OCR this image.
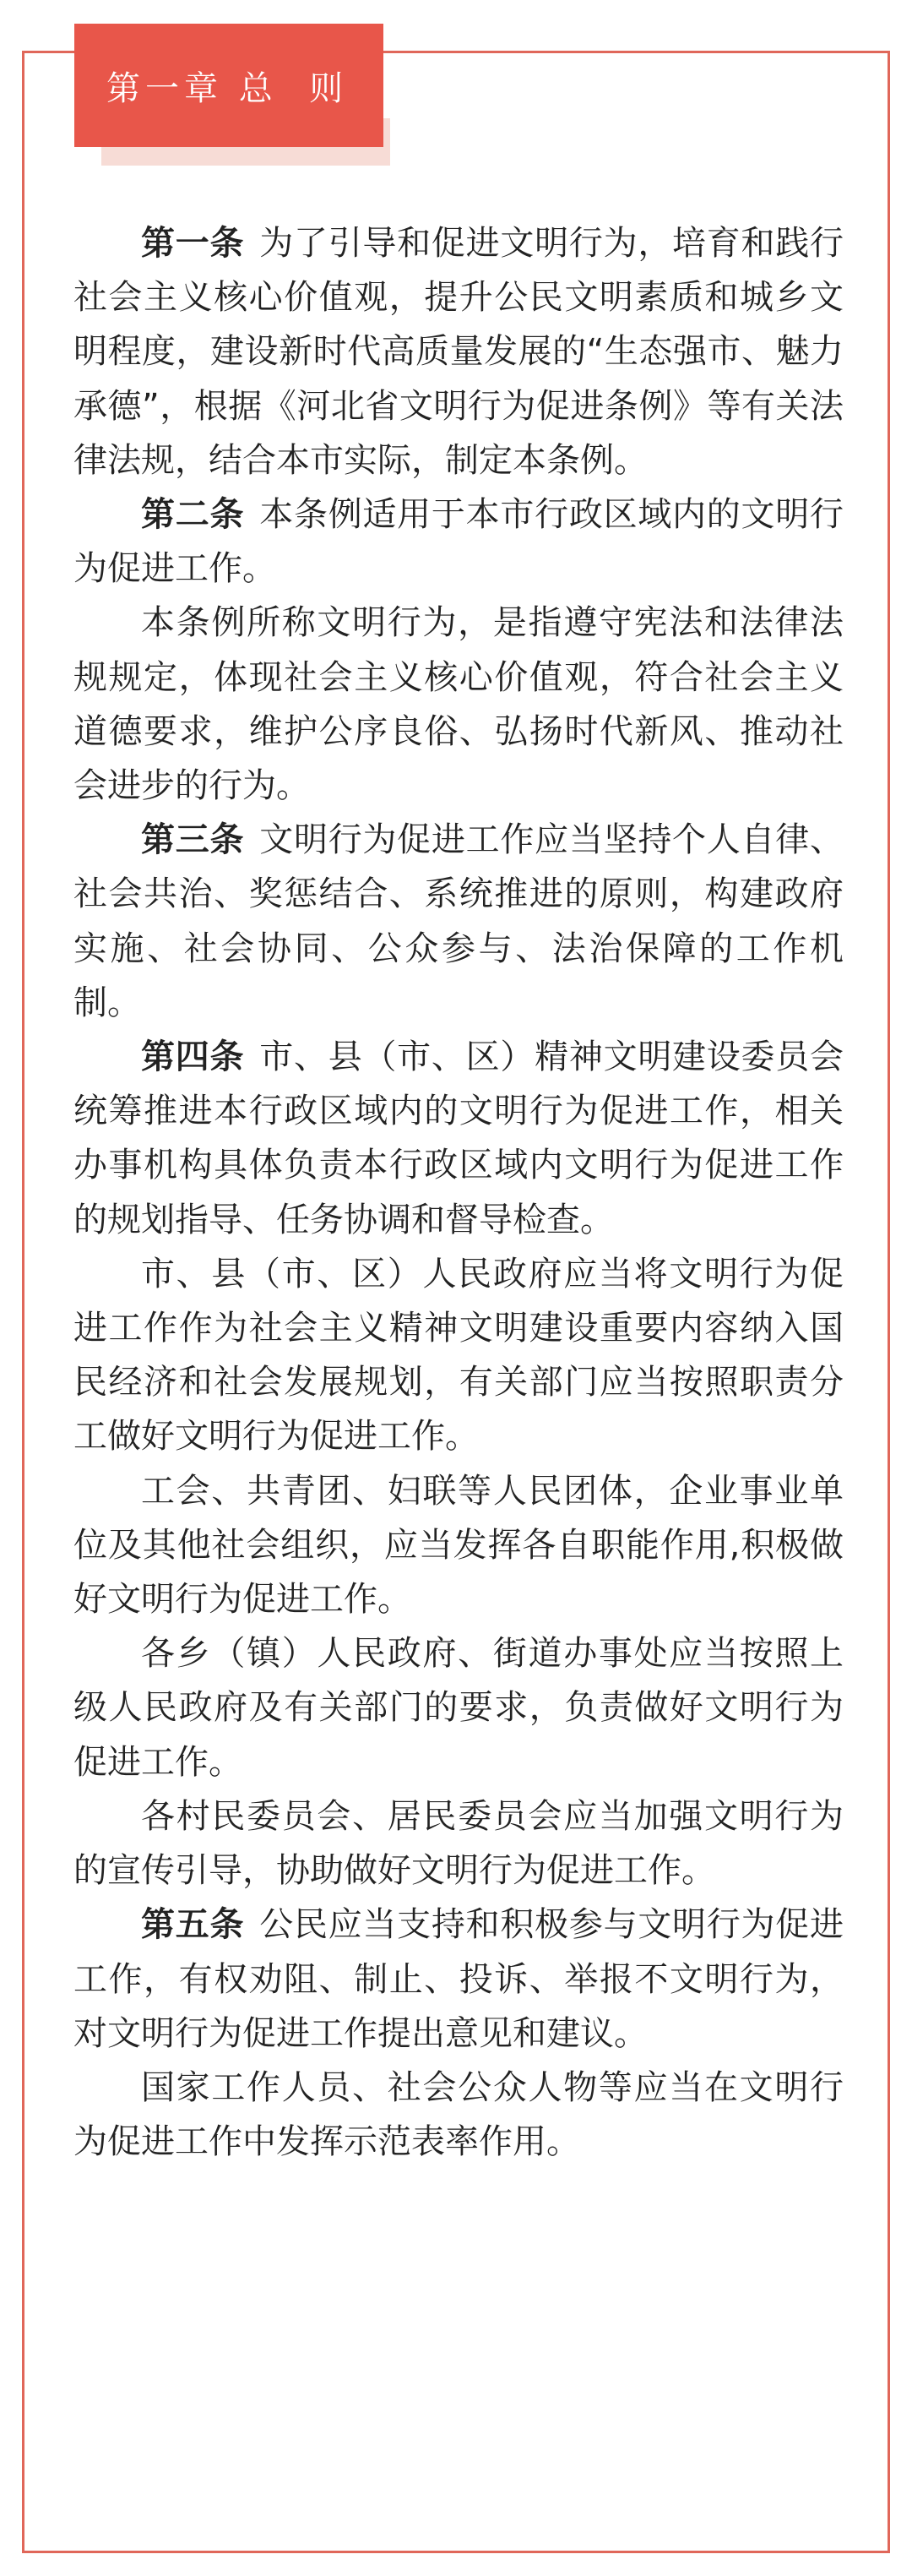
第一章 总  则

第一条 为了引导和促进文明行为，培育和践行社会主义核心价值观，提升公民文明素质和城乡文明程度，建设新时代高质量发展的“生态强市、魅力承德”，根据《河北省文明行为促进条例》等有关法律法规，结合本市实际，制定本条例。

第二条 本条例适用于本市行政区域内的文明行为促进工作。

本条例所称文明行为，是指遵守宪法和法律法规规定，体现社会主义核心价值观，符合社会主义道德要求，维护公序良俗、弘扬时代新风、推动社会进步的行为。

第三条 文明行为促进工作应当坚持个人自律、社会共治、奖惩结合、系统推进的原则，构建政府实施、社会协同、公众参与、法治保障的工作机制。

第四条 市、县（市、区）精神文明建设委员会统筹推进本行政区域内的文明行为促进工作，相关办事机构具体负责本行政区域内文明行为促进工作的规划指导、任务协调和督导检查。

市、县（市、区）人民政府应当将文明行为促进工作作为社会主义精神文明建设重要内容纳入国民经济和社会发展规划，有关部门应当按照职责分工做好文明行为促进工作。

工会、共青团、妇联等人民团体，企业事业单位及其他社会组织，应当发挥各自职能作用,积极做好文明行为促进工作。

各乡（镇）人民政府、街道办事处应当按照上级人民政府及有关部门的要求，负责做好文明行为促进工作。

各村民委员会、居民委员会应当加强文明行为的宣传引导，协助做好文明行为促进工作。

第五条 公民应当支持和积极参与文明行为促进工作，有权劝阻、制止、投诉、举报不文明行为，对文明行为促进工作提出意见和建议。

国家工作人员、社会公众人物等应当在文明行为促进工作中发挥示范表率作用。
